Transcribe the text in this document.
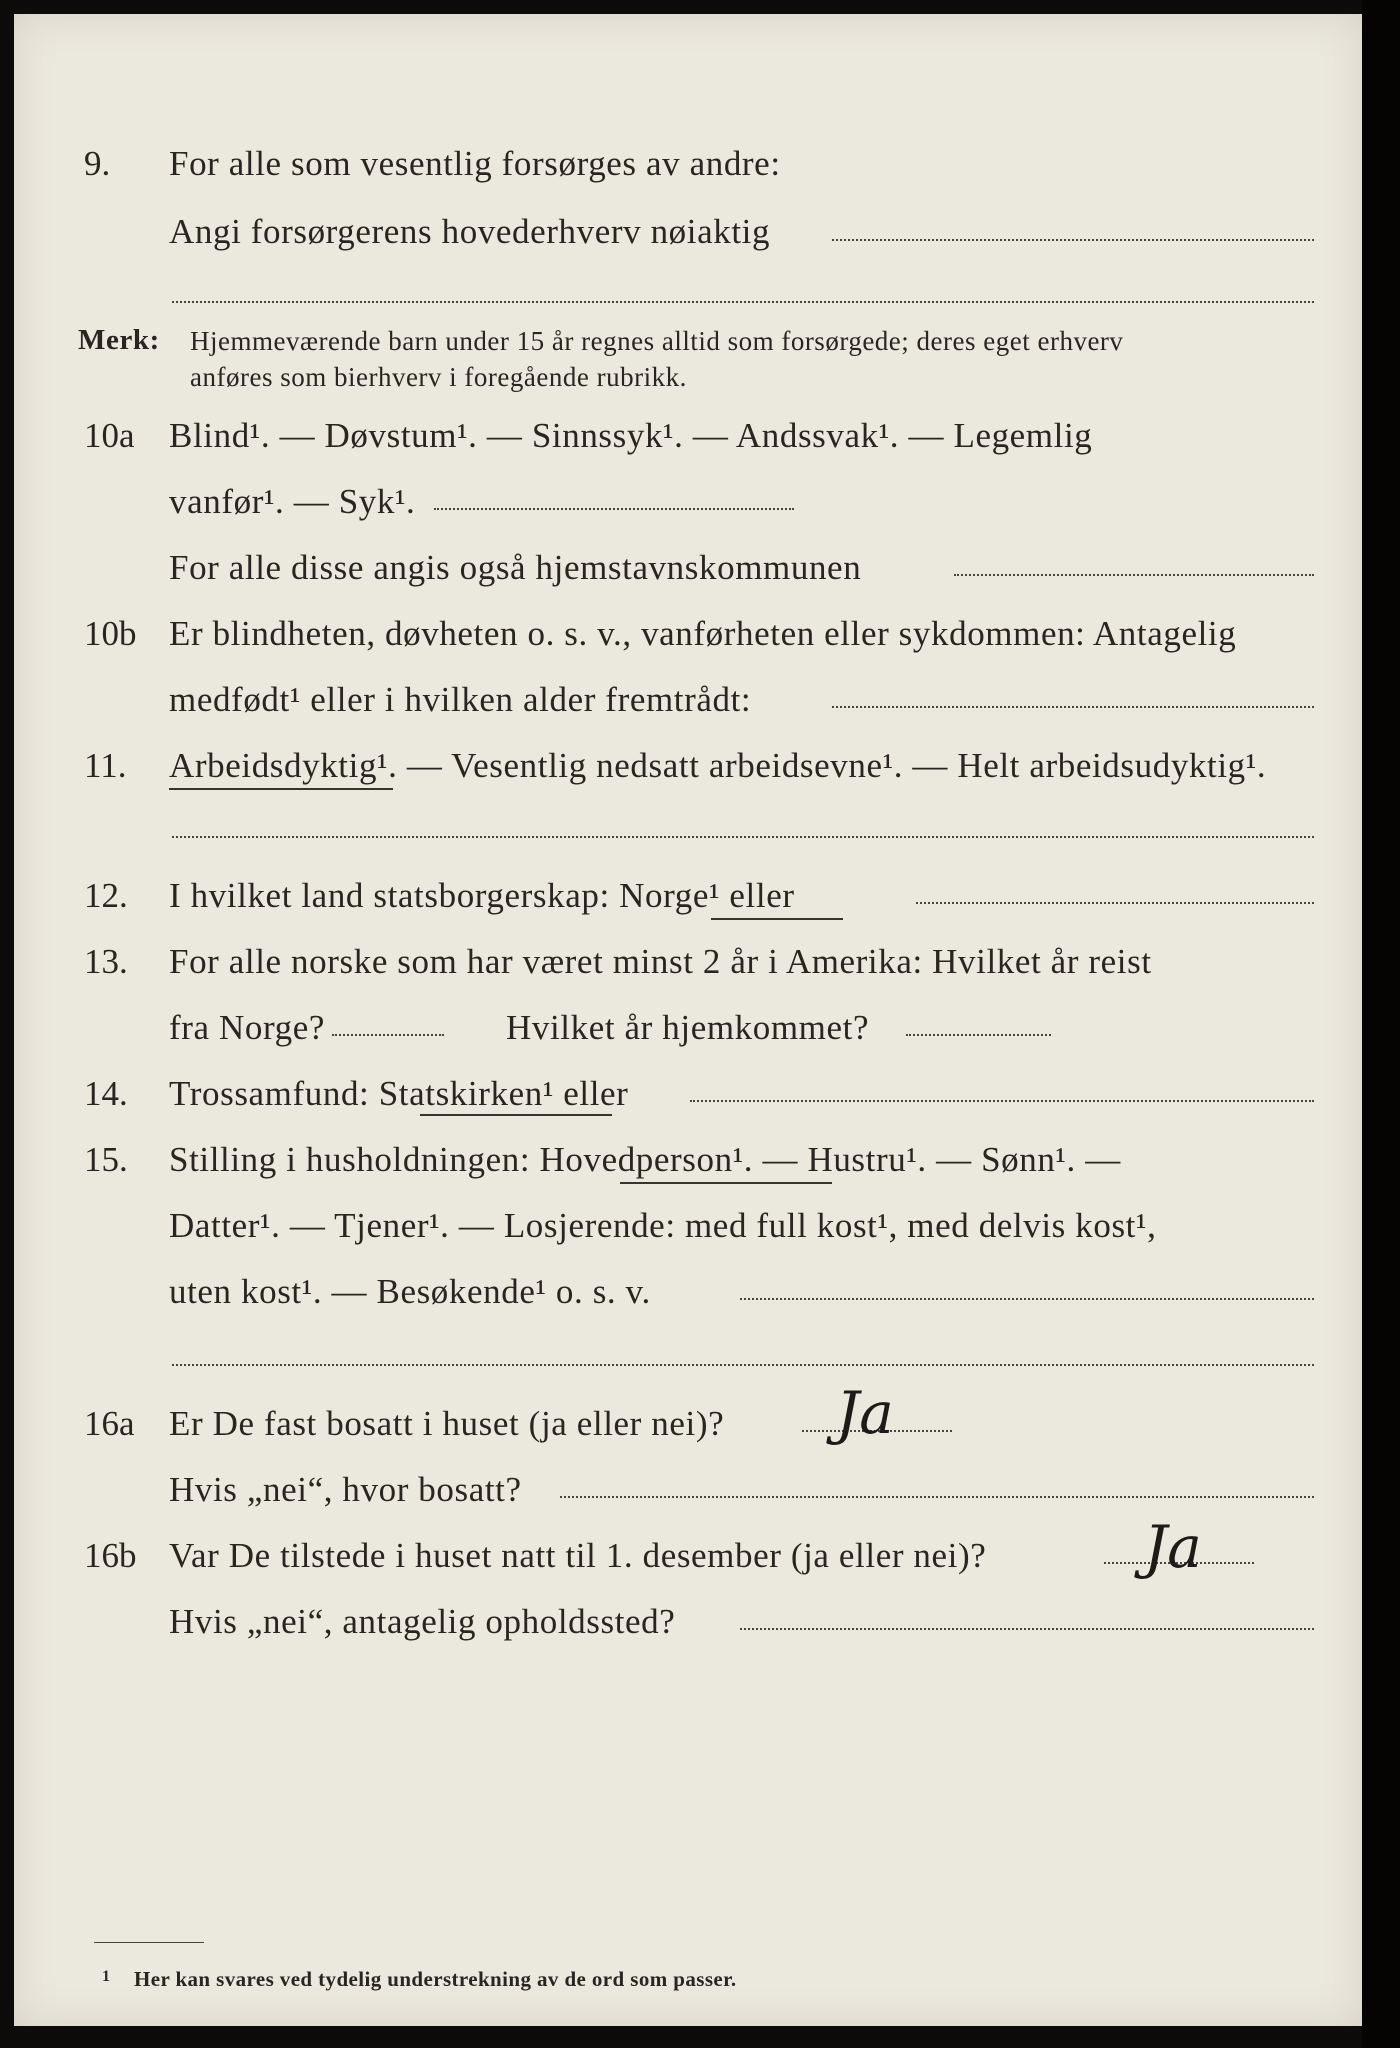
9. For alle som vesentlig forsørges av andre:
Angi forsørgerens hovederhverv nøiaktig
Merk: Hjemmeværende barn under 15 år regnes alltid som forsørgede; deres eget erhverv
anføres som bierhverv i foregående rubrikk.
10a Blind¹. — Døvstum¹. — Sinnssyk¹. — Andssvak¹. — Legemlig
vanfør¹. — Syk¹.
For alle disse angis også hjemstavnskommunen
10b Er blindheten, døvheten o. s. v., vanførheten eller sykdommen: Antagelig
medfødt¹ eller i hvilken alder fremtrådt:
11. Arbeidsdyktig¹. — Vesentlig nedsatt arbeidsevne¹. — Helt arbeidsudyktig¹.
12. I hvilket land statsborgerskap: Norge¹ eller
13. For alle norske som har været minst 2 år i Amerika: Hvilket år reist
fra Norge?	Hvilket år hjemkommet?
14. Trossamfund: Statskirken¹ eller
15. Stilling i husholdningen: Hovedperson¹. — Hustru¹. — Sønn¹. —
Datter¹. — Tjener¹. — Losjerende: med full kost¹, med delvis kost¹,
uten kost¹. — Besøkende¹ o. s. v.
16a Er De fast bosatt i huset (ja eller nei)? Ja
Hvis „nei“, hvor bosatt?
16b Var De tilstede i huset natt til 1. desember (ja eller nei)?	Ja
Hvis „nei“, antagelig opholdssted?
1 Her kan svares ved tydelig understrekning av de ord som passer.
